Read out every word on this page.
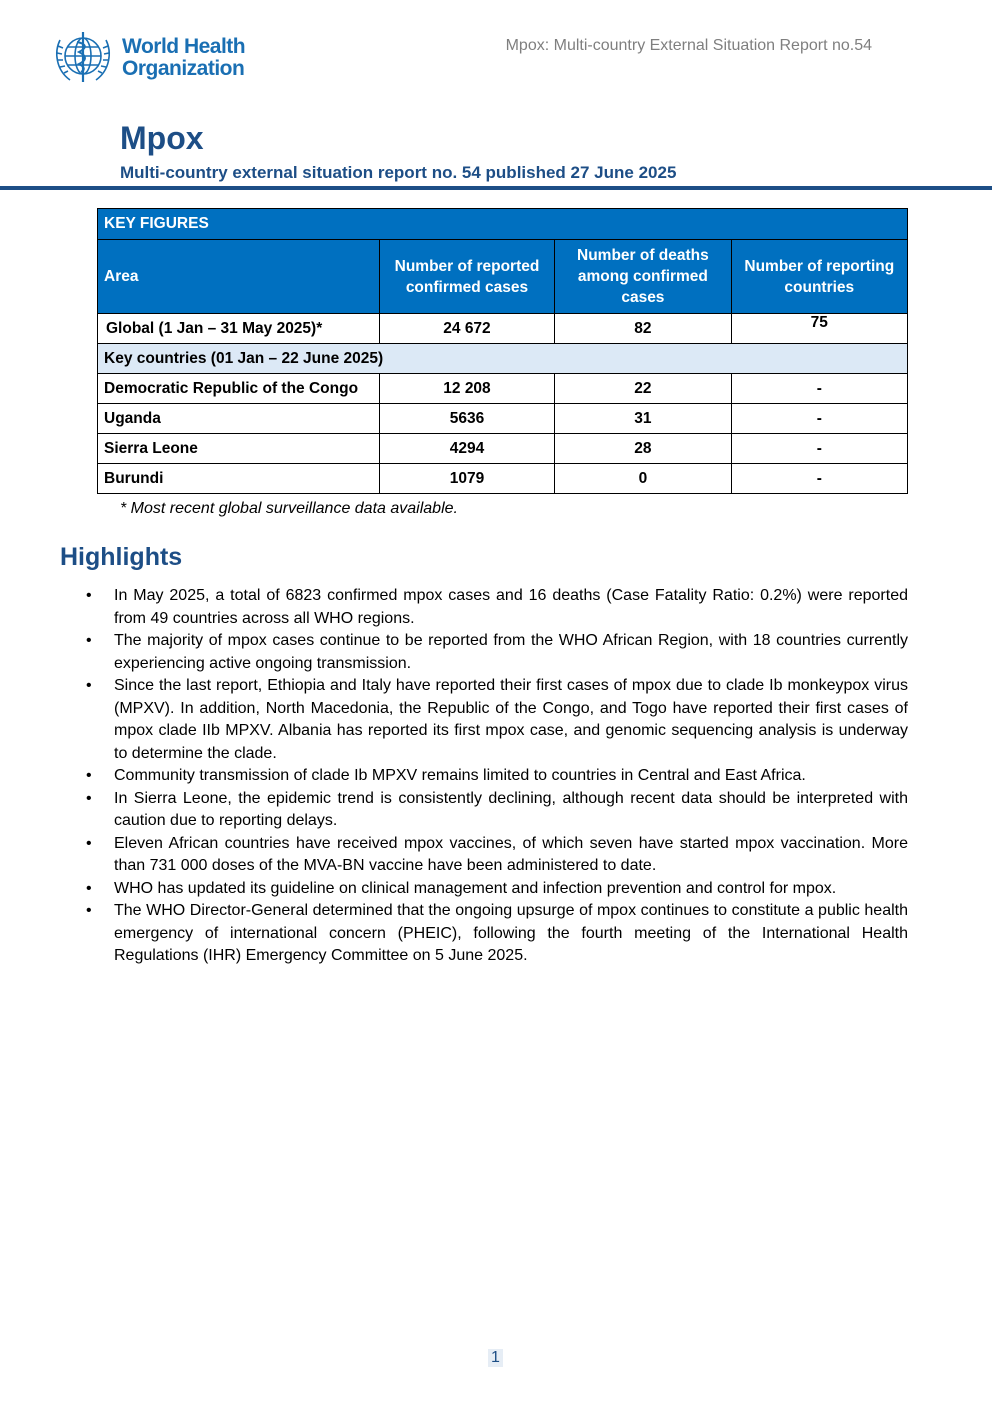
World Health
Organization
Mpox: Multi-country External Situation Report no.54
Mpox
Multi-country external situation report no. 54 published 27 June 2025
KEY FIGURES			
Area	Number of reported confirmed cases	Number of deaths among confirmed cases	Number of reporting countries
Global (1 Jan – 31 May 2025)*	24 672	82	75
Key countries (01 Jan – 22 June 2025)			
Democratic Republic of the Congo	12 208	22	-
Uganda	5636	31	-
Sierra Leone	4294	28	-
Burundi	1079	0	-
* Most recent global surveillance data available.
Highlights
• In May 2025, a total of 6823 confirmed mpox cases and 16 deaths (Case Fatality Ratio: 0.2%) were reported from 49 countries across all WHO regions.
• The majority of mpox cases continue to be reported from the WHO African Region, with 18 countries currently experiencing active ongoing transmission.
• Since the last report, Ethiopia and Italy have reported their first cases of mpox due to clade Ib monkeypox virus (MPXV). In addition, North Macedonia, the Republic of the Congo, and Togo have reported their first cases of mpox clade IIb MPXV. Albania has reported its first mpox case, and genomic sequencing analysis is underway to determine the clade.
• Community transmission of clade Ib MPXV remains limited to countries in Central and East Africa.
• In Sierra Leone, the epidemic trend is consistently declining, although recent data should be interpreted with caution due to reporting delays.
• Eleven African countries have received mpox vaccines, of which seven have started mpox vaccination. More than 731 000 doses of the MVA-BN vaccine have been administered to date.
• WHO has updated its guideline on clinical management and infection prevention and control for mpox.
• The WHO Director-General determined that the ongoing upsurge of mpox continues to constitute a public health emergency of international concern (PHEIC), following the fourth meeting of the International Health Regulations (IHR) Emergency Committee on 5 June 2025.
1
